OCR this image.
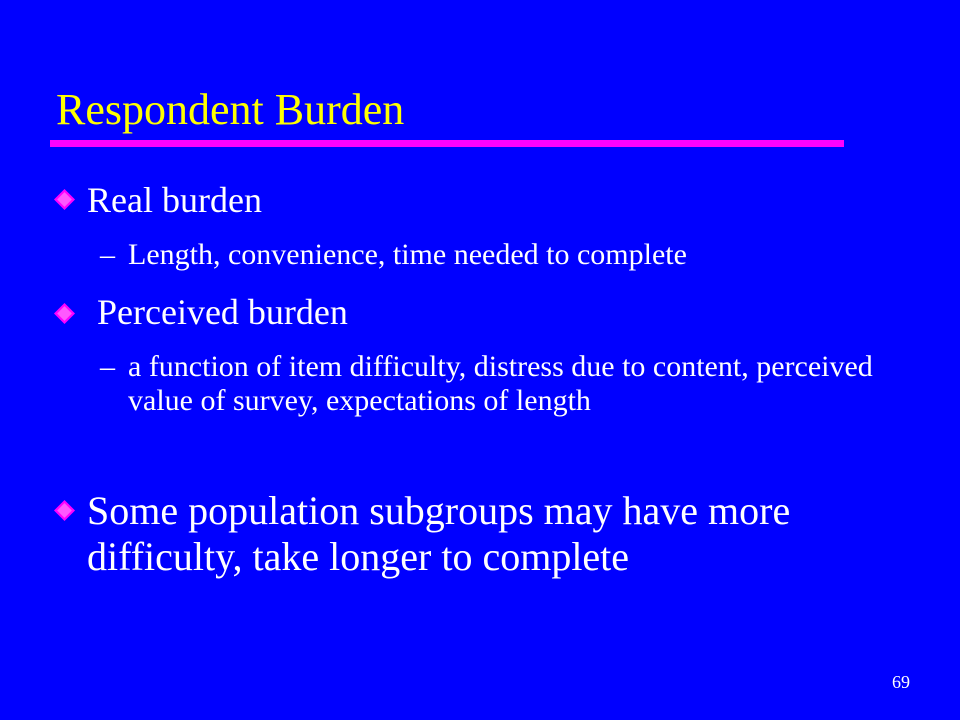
Respondent Burden
Real burden
– Length, convenience, time needed to complete
Perceived burden
– a function of item difficulty, distress due to content, perceived value of survey, expectations of length
Some population subgroups may have more difficulty, take longer to complete
69
